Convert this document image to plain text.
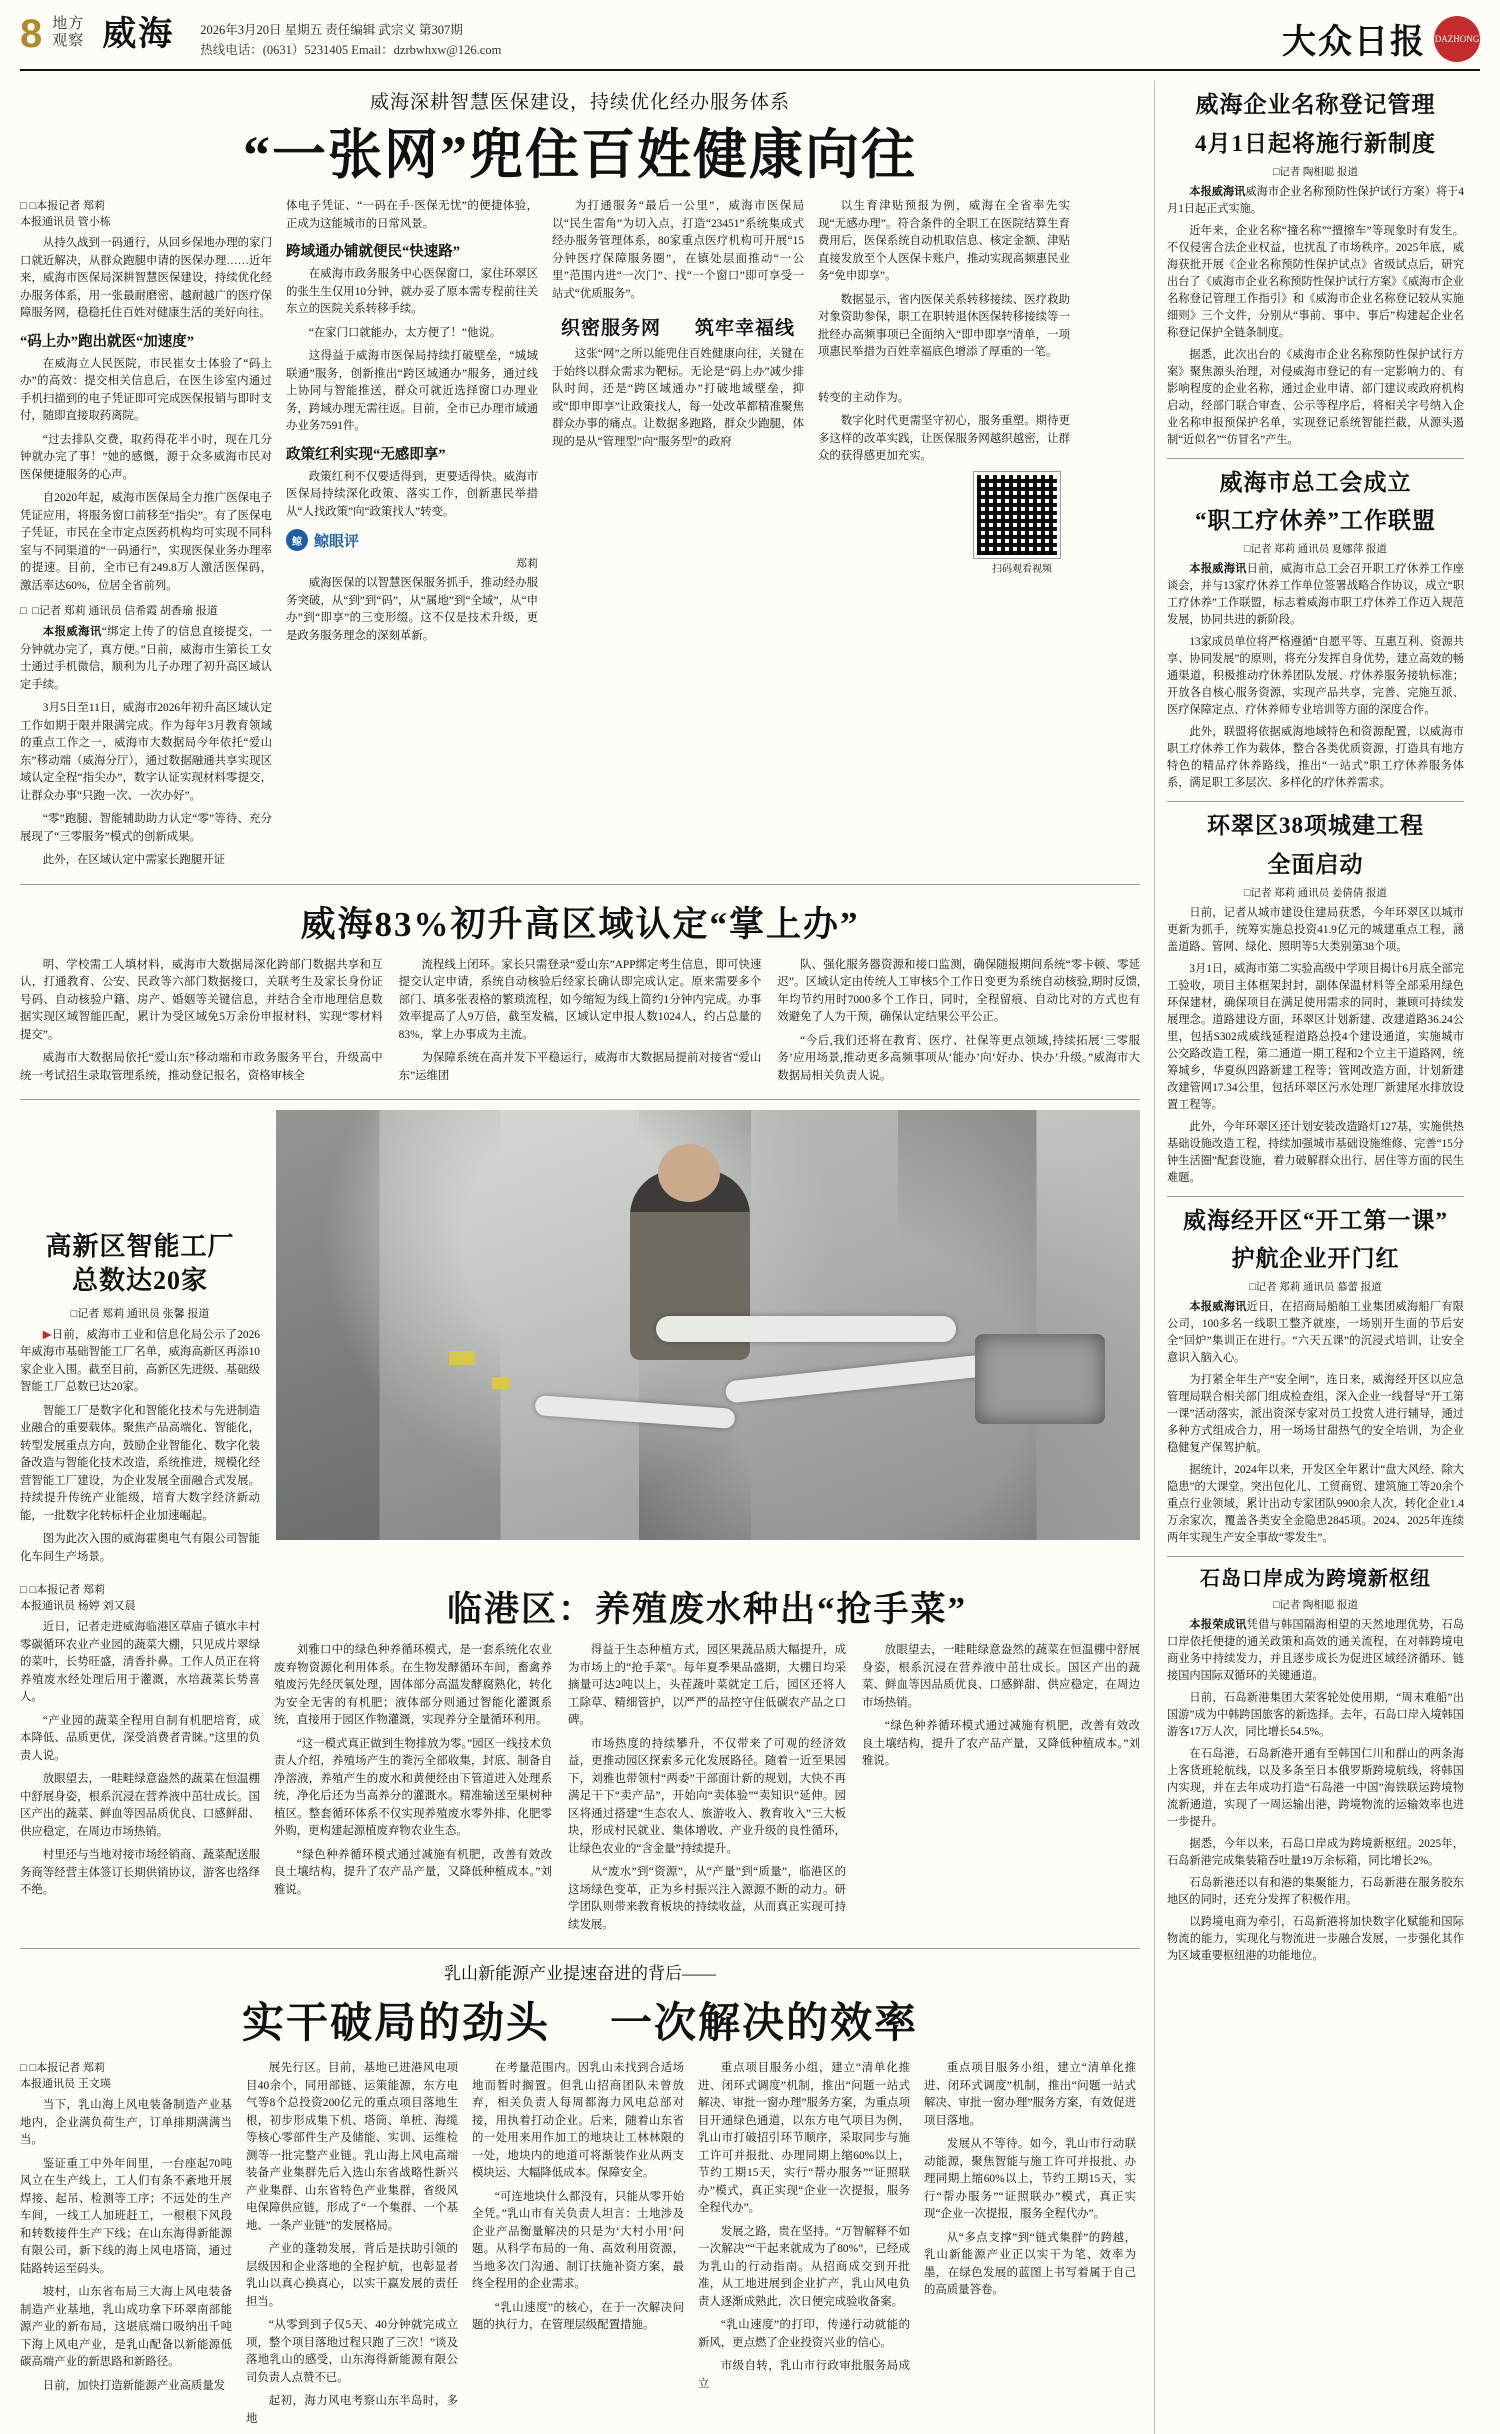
8 地方
观察 威海 2026年3月20日 星期五 责任编辑 武宗义 第307期
热线电话：(0631）5231405 Email：dzrbwhxw@126.com	大众日报 DAZHONG
威海深耕智慧医保建设，持续优化经办服务体系
“一张网”兜住百姓健康向往
□ □本报记者 郑莉
本报通讯员 管小栋

从持久战到一码通行，从回乡保地办理的家门口就近解决，从群众跑腿申请的医保办理……近年来，威海市医保局深耕智慧医保建设，持续优化经办服务体系，用一张最耐磨密、越耐越广的医疗保障服务网，稳稳托住百姓对健康生活的美好向往。

“码上办”跑出就医“加速度”

在威海立人民医院，市民崔女士体验了“码上办”的高效：提交相关信息后，在医生诊室内通过手机扫描到的电子凭证即可完成医保报销与即时支付，随即直接取药离院。

“过去排队交费，取药得花半小时，现在几分钟就办完了事！”她的感慨，源于众多威海市民对医保便捷服务的心声。

自2020年起，威海市医保局全力推广医保电子凭证应用，将服务窗口前移至“指尖”。有了医保电子凭证，市民在全市定点医药机构均可实现不同科室与不同渠道的“一码通行”，实现医保业务办理率的提速。目前，全市已有249.8万人激活医保码，激活率达60%，位居全省前列。

□ □记者 郑莉 通讯员 信希霞 胡香瑜 报道

本报威海讯“绑定上传了的信息直接提交，一分钟就办完了，真方便。”日前，威海市生第长工女士通过手机微信，顺利为儿子办理了初升高区域认定手续。

3月5日至11日，威海市2026年初升高区域认定工作如期于限并限满完成。作为每年3月教育领域的重点工作之一，威海市大数据局今年依托“爱山东”移动端（威海分厅），通过数据融通共享实现区域认定全程“指尖办”，数字认证实现材料零提交，让群众办事“只跑一次、一次办好”。

“零”跑腿、智能辅助助力认定“零”等待、充分展现了“三零服务”模式的创新成果。

此外，在区域认定中需家长跑腿开证

体电子凭证、“一码在手·医保无忧”的便捷体验，正成为这能城市的日常风景。

跨域通办铺就便民“快速路”

在威海市政务服务中心医保窗口，家住环翠区的张生生仅用10分钟，就办妥了原本需专程前往关东立的医院关系转移手续。

“在家门口就能办，太方便了！”他说。

这得益于威海市医保局持续打破壁垒，“城域联通”服务，创新推出“跨区域通办”服务，通过线上协同与智能推送，群众可就近选择窗口办理业务，跨域办理无需往返。目前，全市已办理市域通办业务7591件。

政策红利实现“无感即享”

政策红利不仅要适得到，更要适得快。威海市医保局持续深化政策、落实工作，创新惠民举措从“人找政策”向“政策找人”转变。

鲸 鲸眼评
郑莉

威海医保的以智慧医保服务抓手，推动经办服务突破，从“到”到“码”，从“属地”到“全域”，从“申办”到“即享”的三变形缀。这不仅是技术升级，更是政务服务理念的深刻革新。

为打通服务“最后一公里”，威海市医保局以“民生雷角”为切入点，打造“23451”系统集成式经办服务管理体系，80家重点医疗机构可开展“15分钟医疗保障服务圈”，在镇处层面推动“一公里”范围内进“一次门”、找“一个窗口”即可享受一站式“优质服务”。

织密服务网 筑牢幸福线

这张“网”之所以能兜住百姓健康向往，关键在于始终以群众需求为靶标。无论是“码上办”减少排队时间，还是“跨区域通办”打破地域壁垒，抑或“即申即享”让政策找人，每一处改革都精准聚焦群众办事的痛点。让数据多跑路，群众少跑腿，体现的是从“管理型”向“服务型”的政府

以生育津贴预报为例，威海在全省率先实现“无感办理”。符合条件的全职工在医院结算生育费用后，医保系统自动机取信息、核定金额、津贴直接发放至个人医保卡账户，推动实现高频惠民业务“免申即享”。

数据显示，省内医保关系转移接续、医疗救助对象资助参保，职工在职转退休医保转移接续等一批经办高频事项已全面纳入“即申即享”清单，一项项惠民举措为百姓幸福底色增添了厚重的一笔。

转变的主动作为。

数字化时代更需坚守初心，服务重塑。期待更多这样的改革实践，让医保服务网越织越密，让群众的获得感更加充实。

扫码观看视频
威海83%初升高区域认定“掌上办”

明、学校需工人填材料，威海市大数据局深化跨部门数据共享和互认，打通教育、公安、民政等六部门数据接口，关联考生及家长身份证号码、自动核验户籍、房产、婚姻等关键信息，并结合全市地理信息数据实现区域智能匹配，累计为受区域免5万余份申报材料，实现“零材料提交”。

威海市大数据局依托“爱山东”移动端和市政务服务平台，升级高中统一考试招生录取管理系统，推动登记报名，资格审核全

流程线上闭环。家长只需登录“爱山东”APP绑定考生信息，即可快速提交认定申请，系统自动核验后经家长确认即完成认定。原来需要多个部门、填多张表格的繁琐流程，如今缩短为线上简约1分钟内完成。办事效率提高了人9万倍，截至发稿，区域认定申报人数1024人，约占总量的83%，掌上办事成为主流。

为保障系统在高并发下平稳运行，威海市大数据局提前对接省“爱山东”运维团

队、强化服务器资源和接口监测，确保随报期间系统“零卡顿、零延迟”。区域认定由传统人工审核5个工作日变更为系统自动核验,期时反馈,年均节约用时7000多个工作日，同时，全程留痕、自动比对的方式也有效避免了人为干预，确保认定结果公平公正。

“今后,我们还将在教育、医疗、社保等更点领域,持续拓展‘三零服务’应用场景,推动更多高频事项从‘能办’向‘好办、快办’升级。”威海市大数据局相关负责人说。

高新区智能工厂
总数达20家
□记者 郑莉 通讯员 张馨 报道

▶日前，威海市工业和信息化局公示了2026年威海市基础智能工厂名单，威海高新区再添10家企业入围。截至目前，高新区先进级、基础级智能工厂总数已达20家。

智能工厂是数字化和智能化技术与先进制造业融合的重要载体。聚焦产品高端化、智能化，转型发展重点方向，鼓励企业智能化、数字化装备改造与智能化技术改造，系统推进，规模化经营智能工厂建设，为企业发展全面融合式发展。持续提升传统产业能级，培育大数字经济新动能，一批数字化转标杆企业加速崛起。

图为此次入围的威海霍奥电气有限公司智能化车间生产场景。

□ □本报记者 郑莉
本报通讯员 杨婷 刘又晨

近日，记者走进威海临港区草庙子镇水丰村零碳循环农业产业园的蔬菜大棚，只见成片翠绿的菜叶，长势旺盛，清香扑鼻。工作人员正在将养殖废水经处理后用于灌溉，水培蔬菜长势喜人。

“产业园的蔬菜全程用自制有机肥培育，成本降低、品质更优，深受消费者青睐。”这里的负责人说。

放眼望去，一畦畦绿意盎然的蔬菜在恒温棚中舒展身姿，根系沉浸在营养液中茁壮成长。国区产出的蔬菜、鲜血等因品质优良、口感鲜甜、供应稳定，在周边市场热销。

村里还与当地对接市场经销商、蔬菜配送服务商等经营主体签订长期供销协议，游客也络绎不绝。

临港区：养殖废水种出“抢手菜”

刘雅口中的绿色种养循环模式，是一套系统化农业废弃物资源化利用体系。在生物发酵循环车间，畜禽养殖废污先经厌氧处理，固体部分高温发酵腐熟化，转化为安全无害的有机肥；液体部分则通过智能化灌溉系统，直接用于园区作物灌溉，实现养分全量循环利用。

“这一模式真正做到生物排放为零。”园区一线技术负责人介绍，养殖场产生的粪污全部收集，封底、制备自净溶液，养殖产生的废水和黄便经由下管道进入处理系统，净化后还为当高养分的灌溉水。精准输送至果树种植区。整套循环体系不仅实现养殖废水零外排、化肥零外购，更构建起源植废弃物农业生态。

“绿色种养循环模式通过减施有机肥，改善有效改良土壤结构，提升了农产品产量，又降低种植成本。”刘雅说。

得益于生态种植方式，园区果蔬品质大幅提升，成为市场上的“抢手菜”。每年夏季果品盛期，大棚日均采摘量可达2吨以上，头茬蔬叶菜就定工后，园区还将人工除草、精细管护，以严严的品控守住低碳农产品之口碑。

市场热度的持续攀升，不仅带来了可观的经济效益，更推动园区探索多元化发展路径。随着一近至果园下，刘雅也带领村“两委”干部面计新的规划，大快不再满足干下“卖产品”，开始向“卖体验”“卖知识”延伸。园区将通过搭建“生态农人、旅游收入、教育收入”三大板块，形成村民就业、集体增收、产业升级的良性循环，让绿色农业的“含金量”持续提升。

从“废水”到“资源”，从“产量”到“质量”，临港区的这场绿色变革，正为乡村振兴注入源源不断的动力。研学团队则带来教育板块的持续收益，从而真正实现可持续发展。

放眼望去，一畦畦绿意盎然的蔬菜在恒温棚中舒展身姿，根系沉浸在营养液中茁壮成长。国区产出的蔬菜、鲜血等因品质优良、口感鲜甜、供应稳定，在周边市场热销。

“绿色种养循环模式通过减施有机肥，改善有效改良土壤结构，提升了农产品产量，又降低种植成本。”刘雅说。

乳山新能源产业提速奋进的背后——
实干破局的劲头 一次解决的效率
□ □本报记者 郑莉
本报通讯员 王文瑛

当下，乳山海上风电装备制造产业基地内，企业满负荷生产，订单排期满满当当。

鉴证重工中外年间里，一台座起70吨风立在生产线上，工人们有条不紊地开展焊接、起吊、检测等工序；不远处的生产车间，一线工人加班赶工，一根根下风段和转数接件生产下线；在山东海得新能源有限公司，新下线的海上风电塔筒，通过陆路转运至码头。

坡村，山东省布局三大海上风电装备制造产业基地，乳山成功拿下环翠南部能源产业的新布局，这堪底端口吸纳出千吨下海上风电产业，是乳山配备以新能源低碳高端产业的新思路和新路径。

日前，加快打造新能源产业高质量发

展先行区。目前，基地已进港风电项目40余个，同用部链、运策能源，东方电气等8个总投资200亿元的重点项目落地生根，初步形成集下机、塔筒、单桩、海缆等核心零部件生产及储能、实训、运维检测等一批完整产业链。乳山海上风电高端装备产业集群先后入选山东省战略性新兴产业集群、山东省特色产业集群，省级风电保障供应链，形成了“一个集群、一个基地、一条产业链”的发展格局。

产业的蓬勃发展，背后是扶助引领的层级因和企业落地的全程护航，也彰显者乳山以真心换真心，以实干赢发展的责任担当。

“从零到到子仅5天、40分钟就完成立项，整个项目落地过程只跑了三次！”谈及落地乳山的感受，山东海得新能源有限公司负责人点赞不已。

起初，海力风电考察山东半岛时，多地

在考量范围内。因乳山未找到合适场地而暂时搁置。但乳山招商团队未曾放弃，相关负责人每周都海力风电总部对接，用执着打动企业。后来，随着山东省的一处用来用作加工的地块让工林林限的一处，地块内的地道可将渐装作业从两支模块运、大幅降低成本。保障安全。

“可连地块什么都没有，只能从零开始全凭。”乳山市有关负责人坦言：土地涉及企业产品衡量解决的只是为‘大村小用’问题。从科学布局的一角、高效利用资源，当地多次门沟通、制订扶施补资方案，最终全程用的企业需求。

“乳山速度”的核心，在于一次解决问题的执行力，在管理层级配置措施。

重点项目服务小组，建立“清单化推进、闭环式调度”机制，推出“问题一站式解决、审批一窗办理”服务方案，为重点项目开通绿色通道，以东方电气项目为例，乳山市打破招引环节顺序，采取同步与施工许可并报批、办理同期上缩60%以上，节约工期15天，实行“帮办服务”“证照联办”模式，真正实现“企业一次提报，服务全程代办”。

发展之路，贵在坚持。“万智解释不如一次解决”“干起来就成为了80%”，已经成为乳山的行动指南。从招商成交到开批准，从工地进展到企业扩产，乳山风电负责人逐渐成熟此，次日便完成验收备案。

“乳山速度”的打印，传递行动就能的新风，更点燃了企业投资兴业的信心。

市级自转，乳山市行政审批服务局成立

重点项目服务小组，建立“清单化推进、闭环式调度”机制，推出“问题一站式解决、审批一窗办理”服务方案，有效促进项目落地。

发展从不等待。如今，乳山市行动联动能源，聚焦智能与施工许可并报批、办理同期上缩60%以上，节约工期15天，实行“帮办服务”“证照联办”模式，真正实现“企业一次提报，服务全程代办”。

从“多点支撑”到“链式集群”的跨越，乳山新能源产业正以实干为笔、效率为墨，在绿色发展的蓝图上书写着属于自己的高质量答卷。

威海企业名称登记管理
4月1日起将施行新制度
□记者 陶相聪 报道

本报威海讯威海市企业名称预防性保护试行方案）将于4月1日起正式实施。

近年来，企业名称“撞名称”“擅擦车”等现象时有发生。不仅侵害合法企业权益，也扰乱了市场秩序。2025年底，威海获批开展《企业名称预防性保护试点》省级试点后，研究出台了《威海市企业名称预防性保护试行方案》《威海市企业名称登记管理工作指引》和《威海市企业名称登记较从实施细则》三个文件，分别从“事前、事中、事后”构建起企业名称登记保护全链条制度。

据悉，此次出台的《威海市企业名称预防性保护试行方案》聚焦源头治理，对侵威海市登记的有一定影响力的、有影响程度的企业名称，通过企业申请、部门建议或政府机构启动，经部门联合审查、公示等程序后，将相关字号纳入企业名称申报预保护名单，实现登记系统智能拦截，从源头遏制“近似名”“仿冒名”产生。

威海市总工会成立
“职工疗休养”工作联盟
□记者 郑莉 通讯员 夏娜萍 报道

本报威海讯日前，威海市总工会召开职工疗休养工作座谈会，并与13家疗休养工作单位签署战略合作协议，成立“职工疗休养”工作联盟，标志着威海市职工疗休养工作迈入规范发展，协同共进的新阶段。

13家成员单位将严格遵循“自愿平等、互惠互利、资源共享、协同发展”的原则，将充分发挥自身优势，建立高效的畅通渠道，积极推动疗休养团队发展、疗休养服务接轨标准；开放各自核心服务资源，实现产品共享，完善、完施互派、医疗保障定点、疗休养师专业培训等方面的深度合作。

此外，联盟将依据威海地域特色和资源配置，以威海市职工疗休养工作为载体，整合各类优质资源，打造具有地方特色的精品疗休养路线，推出“一站式”职工疗休养服务体系，满足职工多层次、多样化的疗休养需求。

环翠区38项城建工程
全面启动
□记者 郑莉 通讯员 姜倩倩 报道

日前，记者从城市建设住建局获悉，今年环翠区以城市更新为抓手，统筹实施总投资41.9亿元的城建重点工程，涵盖道路、管网、绿化、照明等5大类别第38个项。

3月1日，威海市第二实验高级中学项目揭计6月底全部完工验收，项目主体框架封封，副体保温材料等全部采用绿色环保建材，确保项目在满足使用需求的同时，兼顾可持续发展理念。道路建设方面，环翠区计划新建、改建道路36.24公里，包括S302成威线延程道路总投4个建设通道，实施城市公交路改造工程，第二通道一期工程和2个立主干道路网，统筹城乡，华夏纵四路新建工程等；管网改造方面，计划新建改建管网17.34公里，包括环翠区污水处理厂新建尾水排放设置工程等。

此外，今年环翠区还计划安装改造路灯127基，实施供热基础设施改造工程，持续加强城市基础设施维修、完善“15分钟生活圈”配套设施，着力破解群众出行、居住等方面的民生难题。

威海经开区“开工第一课”
护航企业开门红
□记者 郑莉 通讯员 慕蕾 报道

本报威海讯近日，在招商局船舶工业集团威海船厂有限公司，100多名一线职工整齐就座，一场别开生面的节后安全“回炉”集训正在进行。“六天五课”的沉浸式培训，让安全意识入脑入心。

为打紧全年生产“安全闸”，连日来，威海经开区以应急管理局联合相关部门组成检查组，深入企业一线督导“开工第一课”活动落实，派出资深专家对员工投赏人进行辅导，通过多种方式组成合力，用一场场甘甜热气的安全培训，为企业稳健复产保驾护航。

据统计，2024年以来，开发区全年累计“盘大风经、除大隐患”的大课堂。突出包化儿、工贸商贸、建筑施工等20余个重点行业领域，累计出动专家团队9900余人次，转化企业1.4万余家次，覆盖各类安全金隐患2845项。2024、2025年连续两年实现生产安全事故“零发生”。

石岛口岸成为跨境新枢纽
□记者 陶相聪 报道

本报荣成讯凭借与韩国隔海相望的天然地理优势，石岛口岸依托便捷的通关政策和高效的通关流程，在对韩跨境电商业务中持续发力，并且逐步成长为促进区域经济循环、链接国内国际双循环的关键通道。

日前，石岛新港集团大荣客轮处使用期，“周末难船”出国游”成为中韩跨国旅客的新选择。去年，石岛口岸入境韩国游客17万人次，同比增长54.5%。

在石岛港，石岛新港开通有至韩国仁川和群山的两条海上客货班轮航线，以及多条至日本俄罗斯跨境航线，将韩国内实现，并在去年成功打造“石岛港一中国”海铁联运跨境物流新通道，实现了一周运输出港，跨境物流的运输效率也进一步提升。

据悉，今年以来，石岛口岸成为跨境新枢纽。2025年，石岛新港完成集装箱吞吐量19万余标箱，同比增长2%。

石岛新港还以有和港的集聚能力，石岛新港在服务胶东地区的同时，还充分发挥了积极作用。

以跨境电商为牵引，石岛新港将加快数字化赋能和国际物流的能力，实现化与物流进一步融合发展，一步强化其作为区域重要枢纽港的功能地位。
